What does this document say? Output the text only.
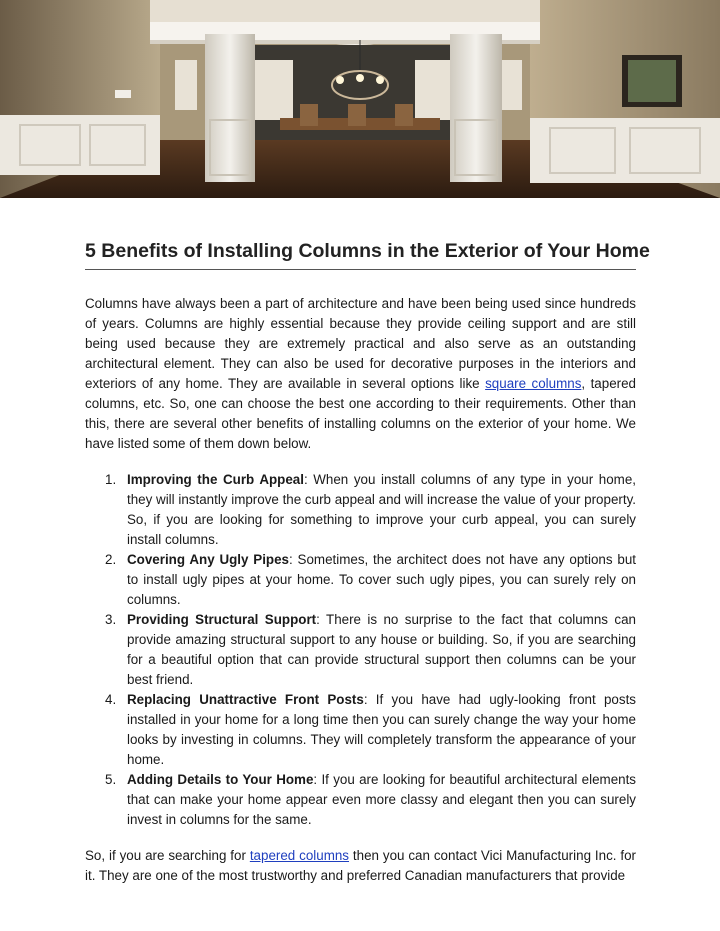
5 Benefits of Installing Columns in the Exterior of Your Home

Columns have always been a part of architecture and have been being used since hundreds of years. Columns are highly essential because they provide ceiling support and are still being used because they are extremely practical and also serve as an outstanding architectural element. They can also be used for decorative purposes in the interiors and exteriors of any home. They are available in several options like square columns, tapered columns, etc. So, one can choose the best one according to their requirements. Other than this, there are several other benefits of installing columns on the exterior of your home. We have listed some of them down below.

1. Improving the Curb Appeal: When you install columns of any type in your home, they will instantly improve the curb appeal and will increase the value of your property. So, if you are looking for something to improve your curb appeal, you can surely install columns.
2. Covering Any Ugly Pipes: Sometimes, the architect does not have any options but to install ugly pipes at your home. To cover such ugly pipes, you can surely rely on columns.
3. Providing Structural Support: There is no surprise to the fact that columns can provide amazing structural support to any house or building. So, if you are searching for a beautiful option that can provide structural support then columns can be your best friend.
4. Replacing Unattractive Front Posts: If you have had ugly-looking front posts installed in your home for a long time then you can surely change the way your home looks by investing in columns. They will completely transform the appearance of your home.
5. Adding Details to Your Home: If you are looking for beautiful architectural elements that can make your home appear even more classy and elegant then you can surely invest in columns for the same.

So, if you are searching for tapered columns then you can contact Vici Manufacturing Inc. for it. They are one of the most trustworthy and preferred Canadian manufacturers that provide
